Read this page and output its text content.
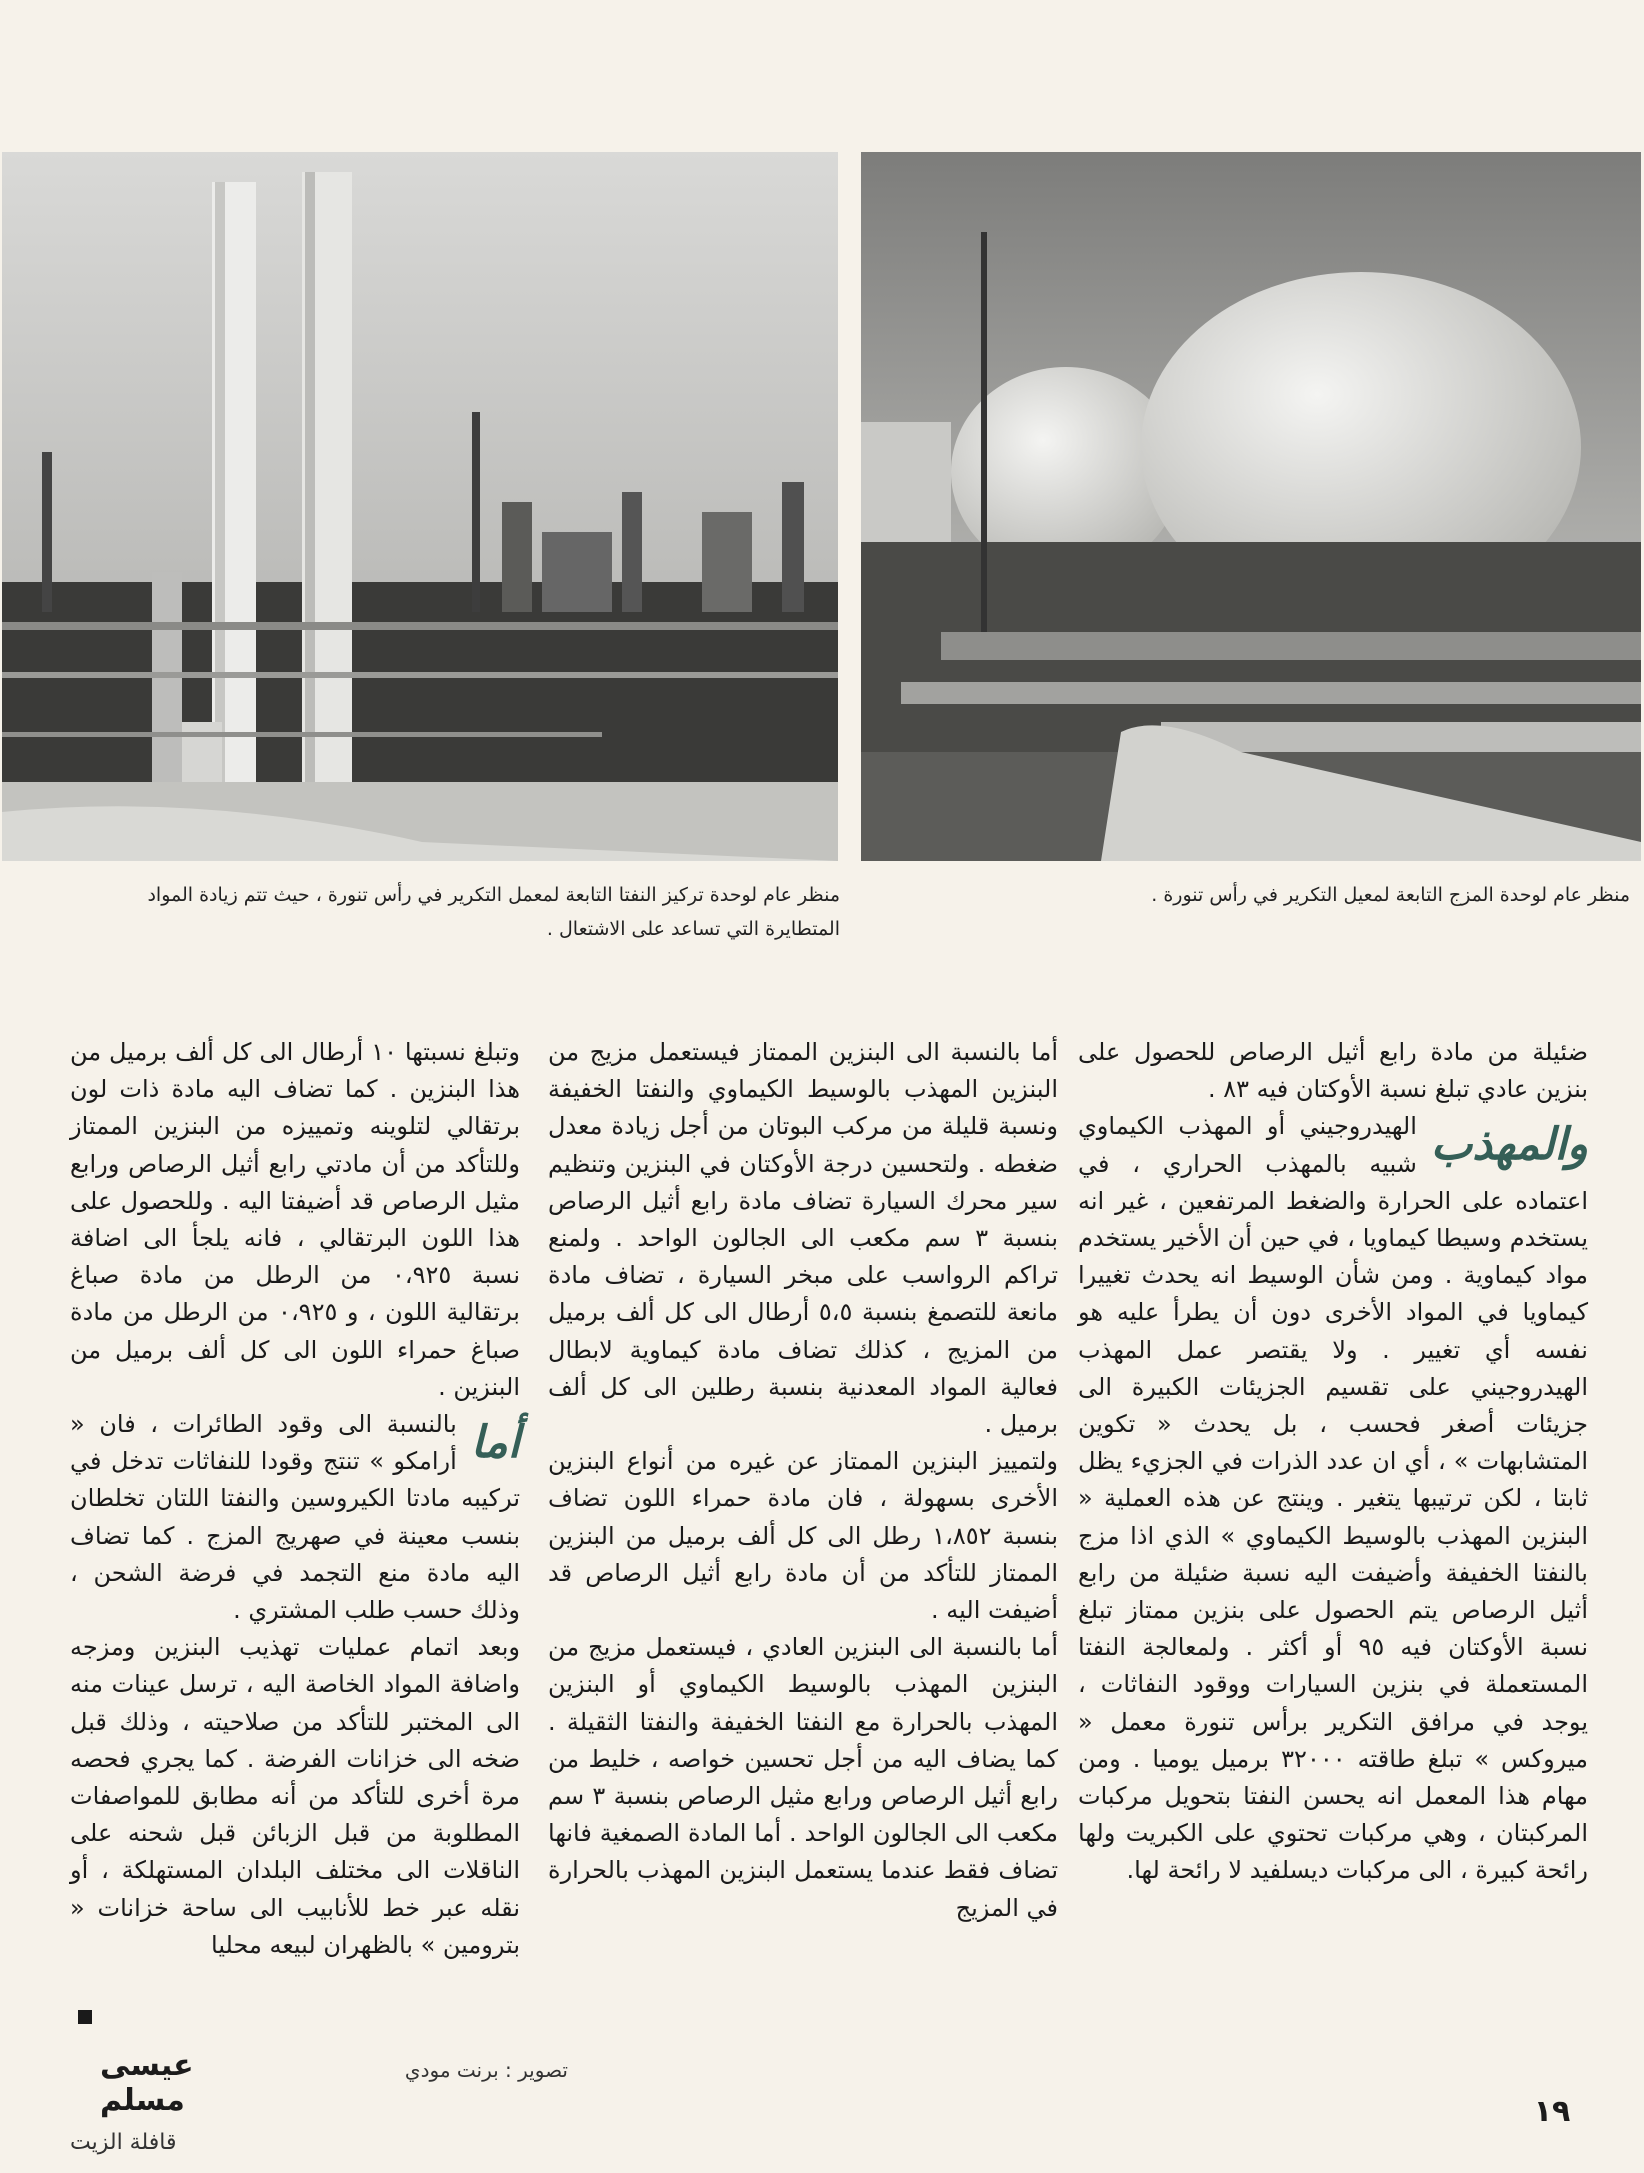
منظر عام لوحدة تركيز النفتا التابعة لمعمل التكرير في رأس تنورة ، حيث تتم زيادة المواد المتطايرة التي تساعد على الاشتعال .
منظر عام لوحدة المزج التابعة لمعيل التكرير في رأس تنورة .

ضئيلة من مادة رابع أثيل الرصاص للحصول على بنزين عادي تبلغ نسبة الأوكتان فيه ٨٣ .

والمهذب
الهيدروجيني أو المهذب الكيماوي شبيه بالمهذب الحراري ، في اعتماده على الحرارة والضغط المرتفعين ، غير انه يستخدم وسيطا كيماويا ، في حين أن الأخير يستخدم مواد كيماوية . ومن شأن الوسيط انه يحدث تغييرا كيماويا في المواد الأخرى دون أن يطرأ عليه هو نفسه أي تغيير . ولا يقتصر عمل المهذب الهيدروجيني على تقسيم الجزيئات الكبيرة الى جزيئات أصغر فحسب ، بل يحدث « تكوين المتشابهات » ، أي ان عدد الذرات في الجزيء يظل ثابتا ، لكن ترتيبها يتغير . وينتج عن هذه العملية « البنزين المهذب بالوسيط الكيماوي » الذي اذا مزج بالنفتا الخفيفة وأضيفت اليه نسبة ضئيلة من رابع أثيل الرصاص يتم الحصول على بنزين ممتاز تبلغ نسبة الأوكتان فيه ٩٥ أو أكثر . ولمعالجة النفتا المستعملة في بنزين السيارات ووقود النفاثات ، يوجد في مرافق التكرير برأس تنورة معمل « ميروكس » تبلغ طاقته ٣٢٠٠٠ برميل يوميا . ومن مهام هذا المعمل انه يحسن النفتا بتحويل مركبات المركبتان ، وهي مركبات تحتوي على الكبريت ولها رائحة كبيرة ، الى مركبات ديسلفيد لا رائحة لها.

أما بالنسبة الى البنزين الممتاز فيستعمل مزيج من البنزين المهذب بالوسيط الكيماوي والنفتا الخفيفة ونسبة قليلة من مركب البوتان من أجل زيادة معدل ضغطه . ولتحسين درجة الأوكتان في البنزين وتنظيم سير محرك السيارة تضاف مادة رابع أثيل الرصاص بنسبة ٣ سم مكعب الى الجالون الواحد . ولمنع تراكم الرواسب على مبخر السيارة ، تضاف مادة مانعة للتصمغ بنسبة ٥،٥ أرطال الى كل ألف برميل من المزيج ، كذلك تضاف مادة كيماوية لابطال فعالية المواد المعدنية بنسبة رطلين الى كل ألف برميل .

ولتمييز البنزين الممتاز عن غيره من أنواع البنزين الأخرى بسهولة ، فان مادة حمراء اللون تضاف بنسبة ١،٨٥٢ رطل الى كل ألف برميل من البنزين الممتاز للتأكد من أن مادة رابع أثيل الرصاص قد أضيفت اليه .

أما بالنسبة الى البنزين العادي ، فيستعمل مزيج من البنزين المهذب بالوسيط الكيماوي أو البنزين المهذب بالحرارة مع النفتا الخفيفة والنفتا الثقيلة . كما يضاف اليه من أجل تحسين خواصه ، خليط من رابع أثيل الرصاص ورابع مثيل الرصاص بنسبة ٣ سم مكعب الى الجالون الواحد . أما المادة الصمغية فانها تضاف فقط عندما يستعمل البنزين المهذب بالحرارة في المزيج

وتبلغ نسبتها ١٠ أرطال الى كل ألف برميل من هذا البنزين . كما تضاف اليه مادة ذات لون برتقالي لتلوينه وتمييزه من البنزين الممتاز وللتأكد من أن مادتي رابع أثيل الرصاص ورابع مثيل الرصاص قد أضيفتا اليه . وللحصول على هذا اللون البرتقالي ، فانه يلجأ الى اضافة نسبة ٠،٩٢٥ من الرطل من مادة صباغ برتقالية اللون ، و ٠،٩٢٥ من الرطل من مادة صباغ حمراء اللون الى كل ألف برميل من البنزين .

أما
بالنسبة الى وقود الطائرات ، فان « أرامكو » تنتج وقودا للنفاثات تدخل في تركيبه مادتا الكيروسين والنفتا اللتان تخلطان بنسب معينة في صهريج المزج . كما تضاف اليه مادة منع التجمد في فرضة الشحن ، وذلك حسب طلب المشتري .

وبعد اتمام عمليات تهذيب البنزين ومزجه واضافة المواد الخاصة اليه ، ترسل عينات منه الى المختبر للتأكد من صلاحيته ، وذلك قبل ضخه الى خزانات الفرضة . كما يجري فحصه مرة أخرى للتأكد من أنه مطابق للمواصفات المطلوبة من قبل الزبائن قبل شحنه على الناقلات الى مختلف البلدان المستهلكة ، أو نقله عبر خط للأنابيب الى ساحة خزانات « بترومين » بالظهران لبيعه محليا

تصوير : برنت مودي
عيسى مسلم	١٩
قافلة الزيت
